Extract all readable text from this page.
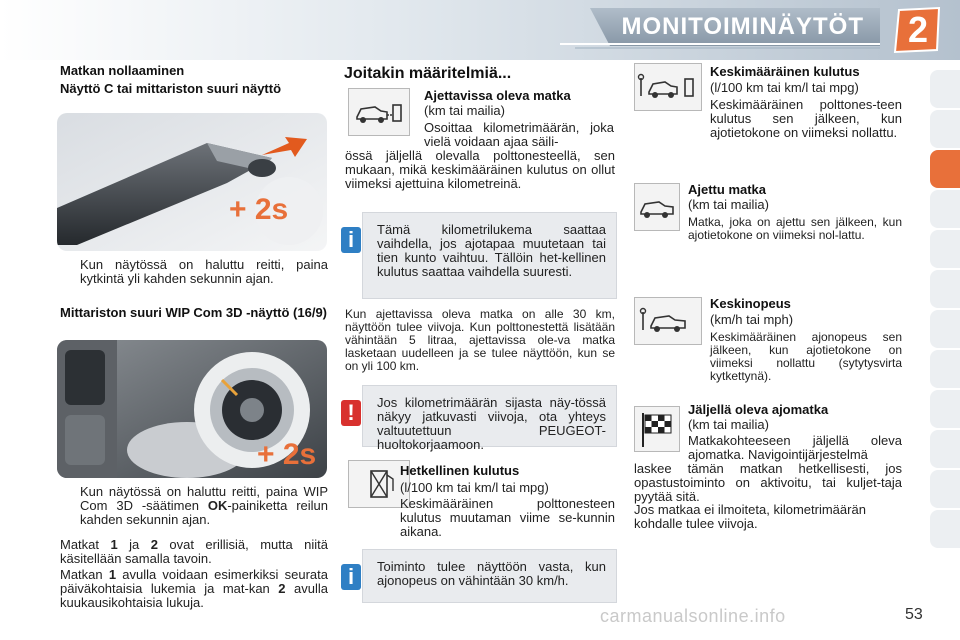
MONITOIMINÄYTÖT	2
Matkan nollaaminen
Näyttö C tai mittariston suuri näyttö
+ 2s
Kun näytössä on haluttu reitti, paina kytkintä yli kahden sekunnin ajan.
Mittariston suuri WIP Com 3D -näyttö (16/9)
+ 2s
Kun näytössä on haluttu reitti, paina WIP Com 3D -säätimen OK-painiketta reilun kahden sekunnin ajan.
Matkat 1 ja 2 ovat erillisiä, mutta niitä käsitellään samalla tavoin.
Matkan 1 avulla voidaan esimerkiksi seurata päiväkohtaisia lukemia ja mat-kan 2 avulla kuukausikohtaisia lukuja.
Joitakin määritelmiä...
Ajettavissa oleva matka
(km tai mailia)
Osoittaa kilometrimäärän, joka vielä voidaan ajaa säili-
össä jäljellä olevalla polttonesteellä, sen mukaan, mikä keskimääräinen kulutus on ollut viimeksi ajettuina kilometreinä.
i	Tämä kilometrilukema saattaa vaihdella, jos ajotapaa muutetaan tai tien kunto vaihtuu. Tällöin het-kellinen kulutus saattaa vaihdella suuresti.
Kun ajettavissa oleva matka on alle 30 km, näyttöön tulee viivoja. Kun polttonestettä lisätään vähintään 5 litraa, ajettavissa ole-va matka lasketaan uudelleen ja se tulee näyttöön, kun se on yli 100 km.
!	Jos kilometrimäärän sijasta näy-tössä näkyy jatkuvasti viivoja, ota yhteys valtuutettuun PEUGEOT-huoltokorjaamoon.
Hetkellinen kulutus
(l/100 km tai km/l tai mpg)
Keskimääräinen polttonesteen kulutus muutaman viime se-kunnin aikana.
i	Toiminto tulee näyttöön vasta, kun ajonopeus on vähintään 30 km/h.
Keskimääräinen kulutus
(l/100 km tai km/l tai mpg)
Keskimääräinen polttones-teen kulutus sen jälkeen, kun ajotietokone on viimeksi nollattu.
Ajettu matka
(km tai mailia)
Matka, joka on ajettu sen jälkeen, kun ajotietokone on viimeksi nol-lattu.
Keskinopeus
(km/h tai mph)
Keskimääräinen ajonopeus sen jälkeen, kun ajotietokone on viimeksi nollattu (sytytysvirta kytkettynä).
Jäljellä oleva ajomatka
(km tai mailia)
Matkakohteeseen jäljellä oleva ajomatka. Navigointijärjestelmä
laskee tämän matkan hetkellisesti, jos opastustoiminto on aktivoitu, tai kuljet-taja pyytää sitä.
Jos matkaa ei ilmoiteta, kilometrimäärän kohdalle tulee viivoja.
carmanualsonline.info	53
